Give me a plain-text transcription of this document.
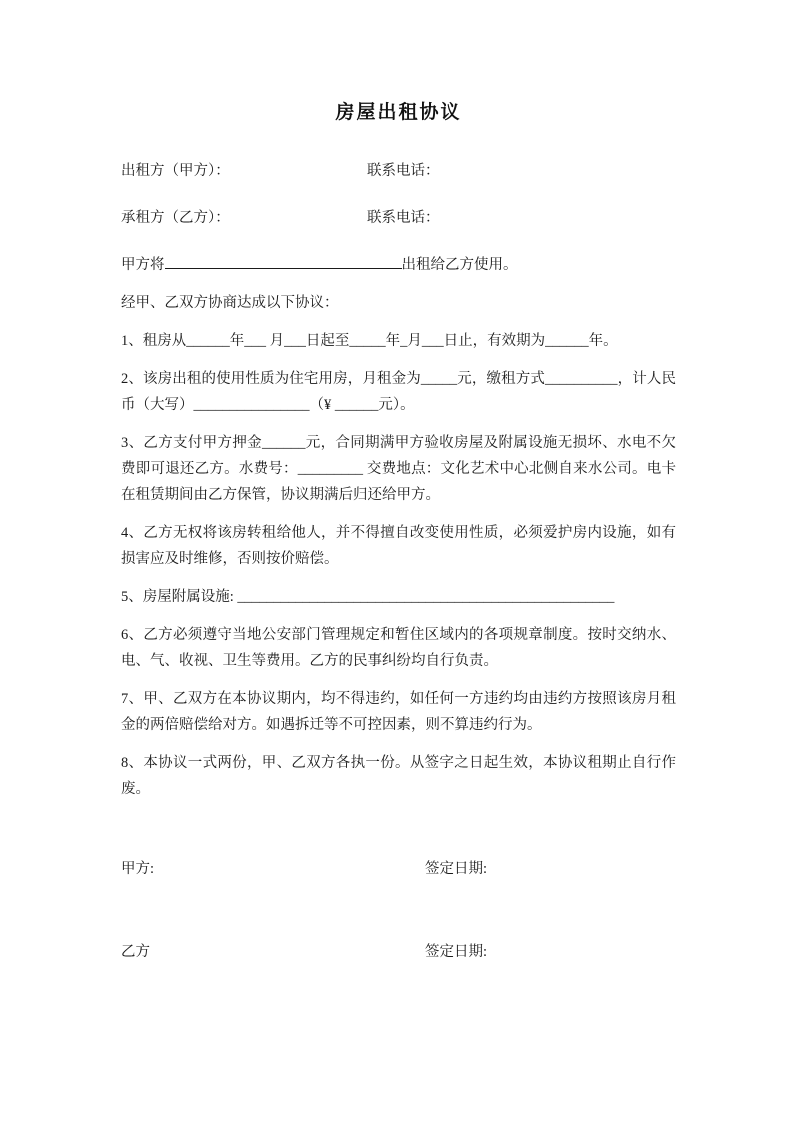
房屋出租协议
出租方（甲方）：	联系电话：
承租方（乙方）：	联系电话：

甲方将	出租给乙方使用。

经甲、乙双方协商达成以下协议：

1、租房从______年___ 月___日起至_____年_月___日止，有效期为______年。

2、该房出租的使用性质为住宅用房，月租金为_____元，缴租方式__________，计人民币（大写）________________（¥ ______元）。

3、乙方支付甲方押金______元，合同期满甲方验收房屋及附属设施无损坏、水电不欠费即可退还乙方。水费号：_________ 交费地点：文化艺术中心北侧自来水公司。电卡在租赁期间由乙方保管，协议期满后归还给甲方。

4、乙方无权将该房转租给他人，并不得擅自改变使用性质，必须爱护房内设施，如有损害应及时维修，否则按价赔偿。

5、房屋附属设施: ____________________________________________________

6、乙方必须遵守当地公安部门管理规定和暂住区域内的各项规章制度。按时交纳水、电、气、收视、卫生等费用。乙方的民事纠纷均自行负责。

7、甲、乙双方在本协议期内，均不得违约，如任何一方违约均由违约方按照该房月租金的两倍赔偿给对方。如遇拆迁等不可控因素，则不算违约行为。

8、本协议一式两份，甲、乙双方各执一份。从签字之日起生效，本协议租期止自行作废。

甲方:	签定日期:
乙方	签定日期:
